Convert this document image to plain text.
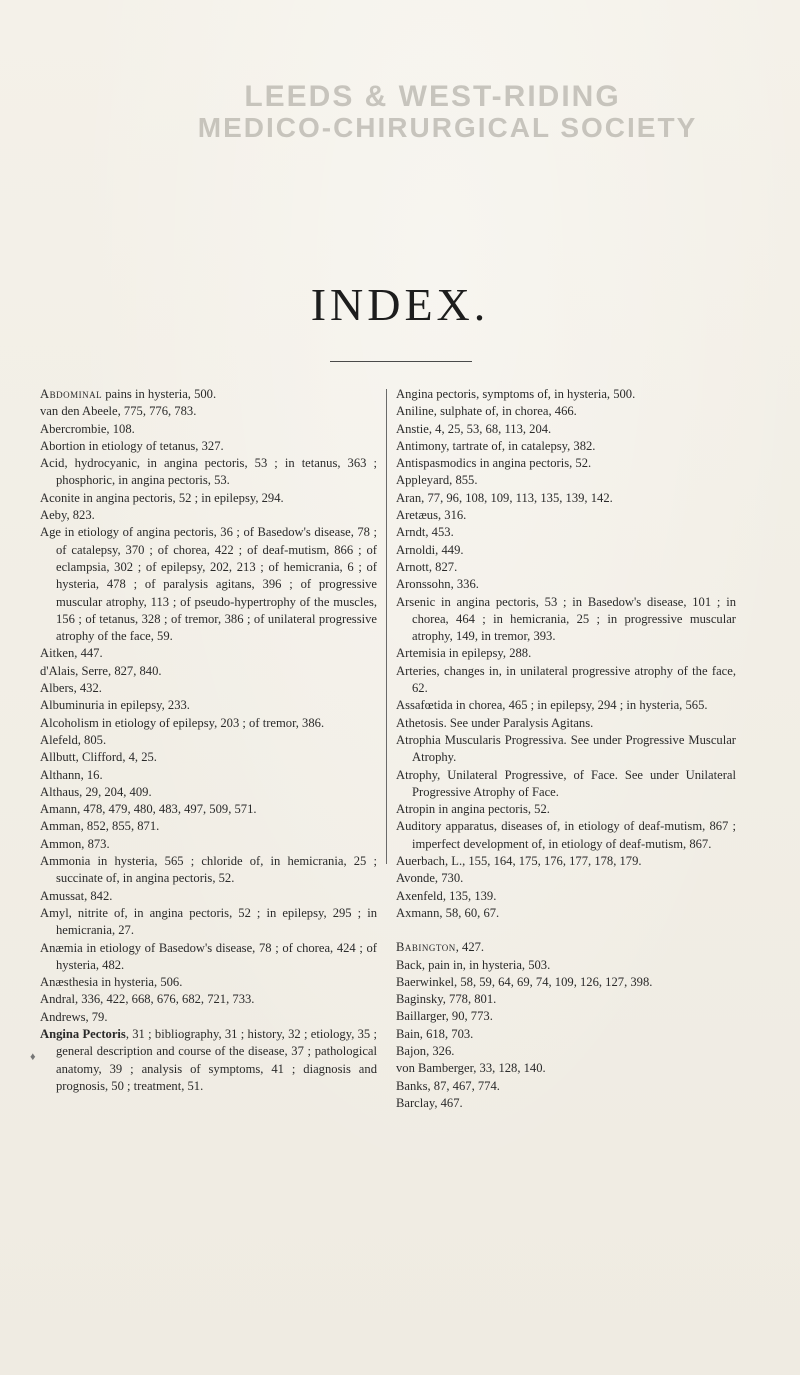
LEEDS & WEST-RIDING
MEDICO-CHIRURGICAL SOCIETY
INDEX.

Abdominal pains in hysteria, 500.

van den Abeele, 775, 776, 783.

Abercrombie, 108.

Abortion in etiology of tetanus, 327.

Acid, hydrocyanic, in angina pectoris, 53 ; in tetanus, 363 ; phosphoric, in angina pectoris, 53.

Aconite in angina pectoris, 52 ; in epilepsy, 294.

Aeby, 823.

Age in etiology of angina pectoris, 36 ; of Basedow's disease, 78 ; of catalepsy, 370 ; of chorea, 422 ; of deaf-mutism, 866 ; of eclampsia, 302 ; of epilepsy, 202, 213 ; of hemicrania, 6 ; of hysteria, 478 ; of paralysis agitans, 396 ; of progressive muscular atrophy, 113 ; of pseudo-hypertrophy of the muscles, 156 ; of tetanus, 328 ; of tremor, 386 ; of unilateral progressive atrophy of the face, 59.

Aitken, 447.

d'Alais, Serre, 827, 840.

Albers, 432.

Albuminuria in epilepsy, 233.

Alcoholism in etiology of epilepsy, 203 ; of tremor, 386.

Alefeld, 805.

Allbutt, Clifford, 4, 25.

Althann, 16.

Althaus, 29, 204, 409.

Amann, 478, 479, 480, 483, 497, 509, 571.

Amman, 852, 855, 871.

Ammon, 873.

Ammonia in hysteria, 565 ; chloride of, in hemicrania, 25 ; succinate of, in angina pectoris, 52.

Amussat, 842.

Amyl, nitrite of, in angina pectoris, 52 ; in epilepsy, 295 ; in hemicrania, 27.

Anæmia in etiology of Basedow's disease, 78 ; of chorea, 424 ; of hysteria, 482.

Anæsthesia in hysteria, 506.

Andral, 336, 422, 668, 676, 682, 721, 733.

Andrews, 79.

Angina Pectoris, 31 ; bibliography, 31 ; history, 32 ; etiology, 35 ; general description and course of the disease, 37 ; pathological anatomy, 39 ; analysis of symptoms, 41 ; diagnosis and prognosis, 50 ; treatment, 51.

Angina pectoris, symptoms of, in hysteria, 500.

Aniline, sulphate of, in chorea, 466.

Anstie, 4, 25, 53, 68, 113, 204.

Antimony, tartrate of, in catalepsy, 382.

Antispasmodics in angina pectoris, 52.

Appleyard, 855.

Aran, 77, 96, 108, 109, 113, 135, 139, 142.

Aretæus, 316.

Arndt, 453.

Arnoldi, 449.

Arnott, 827.

Aronssohn, 336.

Arsenic in angina pectoris, 53 ; in Basedow's disease, 101 ; in chorea, 464 ; in hemicrania, 25 ; in progressive muscular atrophy, 149, in tremor, 393.

Artemisia in epilepsy, 288.

Arteries, changes in, in unilateral progressive atrophy of the face, 62.

Assafœtida in chorea, 465 ; in epilepsy, 294 ; in hysteria, 565.

Athetosis. See under Paralysis Agitans.

Atrophia Muscularis Progressiva. See under Progressive Muscular Atrophy.

Atrophy, Unilateral Progressive, of Face. See under Unilateral Progressive Atrophy of Face.

Atropin in angina pectoris, 52.

Auditory apparatus, diseases of, in etiology of deaf-mutism, 867 ; imperfect development of, in etiology of deaf-mutism, 867.

Auerbach, L., 155, 164, 175, 176, 177, 178, 179.

Avonde, 730.

Axenfeld, 135, 139.

Axmann, 58, 60, 67.

Babington, 427.

Back, pain in, in hysteria, 503.

Baerwinkel, 58, 59, 64, 69, 74, 109, 126, 127, 398.

Baginsky, 778, 801.

Baillarger, 90, 773.

Bain, 618, 703.

Bajon, 326.

von Bamberger, 33, 128, 140.

Banks, 87, 467, 774.

Barclay, 467.

♦
